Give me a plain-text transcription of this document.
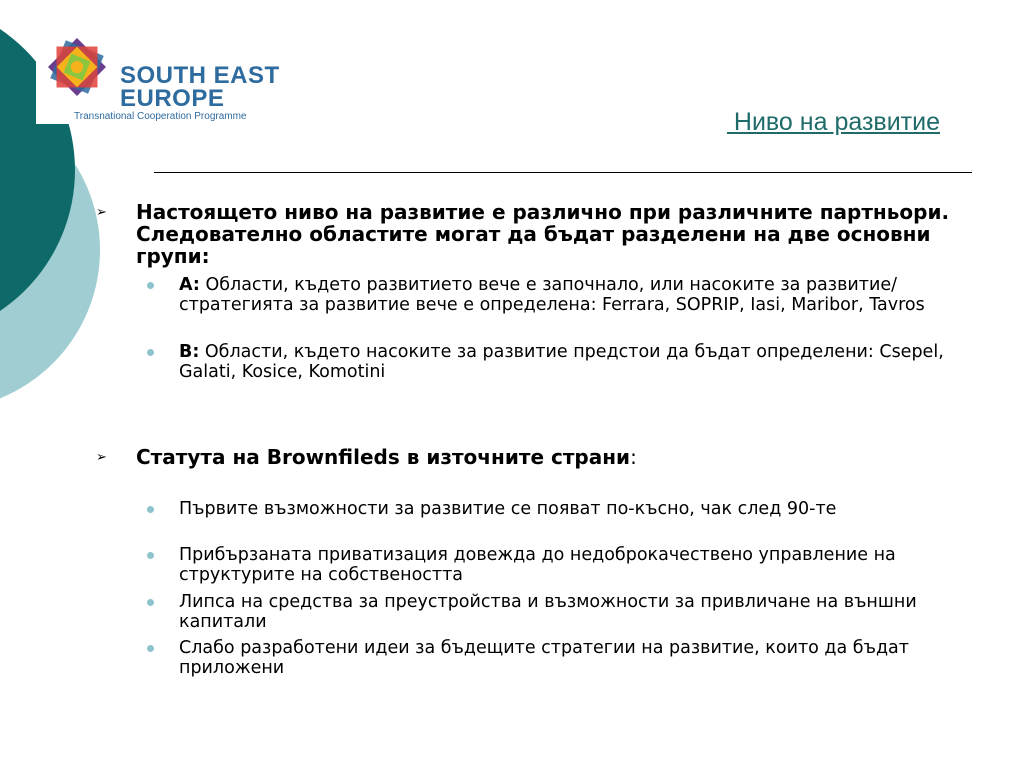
SOUTH EAST
EUROPE
Transnational Cooperation Programme	Ниво на развитие
➢ Настоящето ниво на развитие е различно при различните партньори. Следователно областите могат да бъдат разделени на две основни групи:
A: Области, където развитието вече е започнало, или насоките за развитие/стратегията за развитие вече е определена: Ferrara, SOPRIP, Iasi, Maribor, Tavros
B: Области, където насоките за развитие предстои да бъдат определени: Csepel, Galati, Kosice, Komotini
➢ Статута на Brownfileds в източните страни:
Първите възможности за развитие се появат по-късно, чак след 90-те
Прибързаната приватизация довежда до недоброкачествено управление на структурите на собствеността
Липса на средства за преустройства и възможности за привличане на външни капитали
Слабо разработени идеи за бъдещите стратегии на развитие, които да бъдат приложени
